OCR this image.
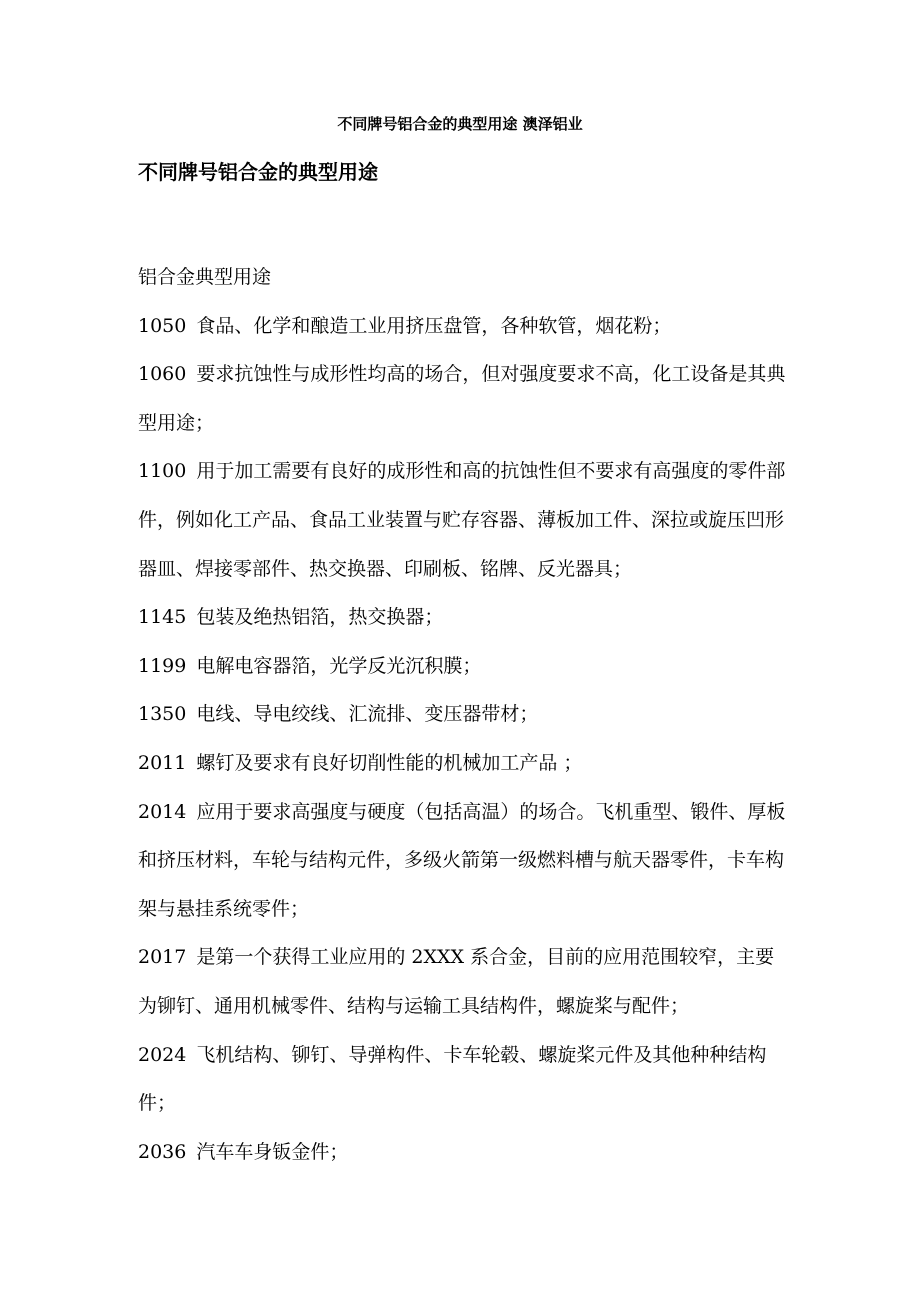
不同牌号铝合金的典型用途 澳泽铝业
不同牌号铝合金的典型用途

铝合金典型用途

1050 食品、化学和酿造工业用挤压盘管，各种软管，烟花粉；

1060 要求抗蚀性与成形性均高的场合，但对强度要求不高，化工设备是其典型用途；

1100 用于加工需要有良好的成形性和高的抗蚀性但不要求有高强度的零件部件，例如化工产品、食品工业装置与贮存容器、薄板加工件、深拉或旋压凹形器皿、焊接零部件、热交换器、印刷板、铭牌、反光器具；

1145 包装及绝热铝箔，热交换器；

1199 电解电容器箔，光学反光沉积膜；

1350 电线、导电绞线、汇流排、变压器带材；

2011 螺钉及要求有良好切削性能的机械加工产品 ；

2014 应用于要求高强度与硬度（包括高温）的场合。飞机重型、锻件、厚板和挤压材料，车轮与结构元件，多级火箭第一级燃料槽与航天器零件，卡车构架与悬挂系统零件；

2017 是第一个获得工业应用的 2XXX 系合金，目前的应用范围较窄，主要为铆钉、通用机械零件、结构与运输工具结构件，螺旋桨与配件；

2024 飞机结构、铆钉、导弹构件、卡车轮毂、螺旋桨元件及其他种种结构件；

2036 汽车车身钣金件；
